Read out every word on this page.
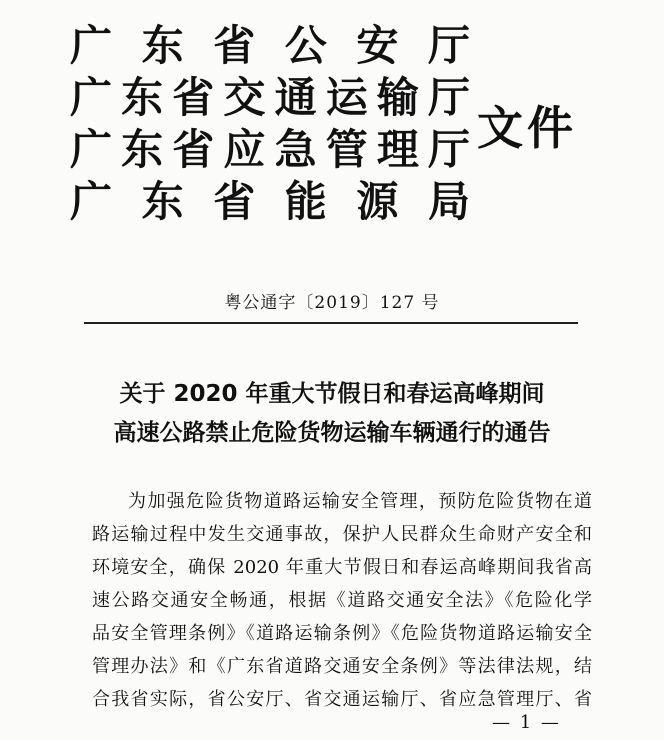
广东省公安厅
广东省交通运输厅
广东省应急管理厅
广东省能源局
文件
粤公通字〔2019〕127 号
关于 2020 年重大节假日和春运高峰期间
高速公路禁止危险货物运输车辆通行的通告
为加强危险货物道路运输安全管理，预防危险货物在道
路运输过程中发生交通事故，保护人民群众生命财产安全和
环境安全，确保 2020 年重大节假日和春运高峰期间我省高
速公路交通安全畅通，根据《道路交通安全法》《危险化学
品安全管理条例》《道路运输条例》《危险货物道路运输安全
管理办法》和《广东省道路交通安全条例》等法律法规，结
合我省实际，省公安厅、省交通运输厅、省应急管理厅、省
— 1 —
